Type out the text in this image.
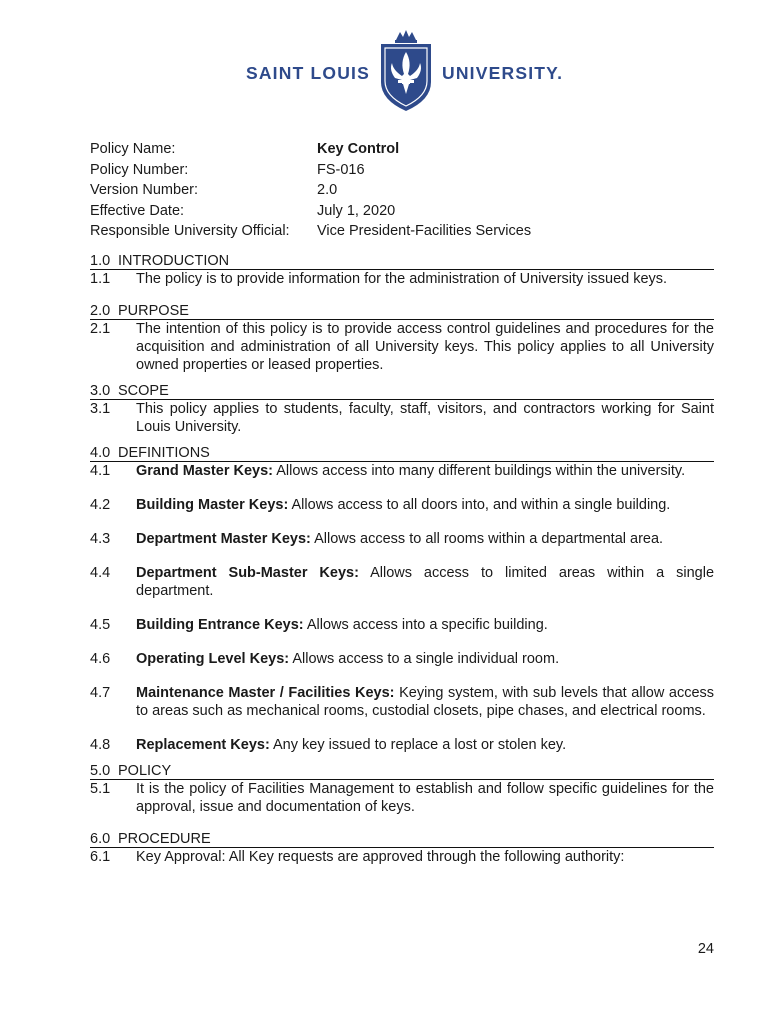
SAINT LOUIS	UNIVERSITY.
Policy Name:	Key Control
Policy Number:	FS-016
Version Number:	2.0
Effective Date:	July 1, 2020
Responsible University Official: Vice President-Facilities Services
1.0 INTRODUCTION
1.1	The policy is to provide information for the administration of University issued keys.
2.0 PURPOSE
2.1	The intention of this policy is to provide access control guidelines and procedures for the acquisition and administration of all University keys. This policy applies to all University owned properties or leased properties.
3.0 SCOPE
3.1	This policy applies to students, faculty, staff, visitors, and contractors working for Saint Louis University.
4.0 DEFINITIONS
4.1	Grand Master Keys: Allows access into many different buildings within the university.
4.2	Building Master Keys: Allows access to all doors into, and within a single building.
4.3	Department Master Keys: Allows access to all rooms within a departmental area.
4.4	Department Sub-Master Keys: Allows access to limited areas within a single department.
4.5	Building Entrance Keys: Allows access into a specific building.
4.6	Operating Level Keys: Allows access to a single individual room.
4.7	Maintenance Master / Facilities Keys: Keying system, with sub levels that allow access to areas such as mechanical rooms, custodial closets, pipe chases, and electrical rooms.
4.8	Replacement Keys: Any key issued to replace a lost or stolen key.
5.0 POLICY
5.1	It is the policy of Facilities Management to establish and follow specific guidelines for the approval, issue and documentation of keys.
6.0 PROCEDURE
6.1	Key Approval: All Key requests are approved through the following authority:
24
